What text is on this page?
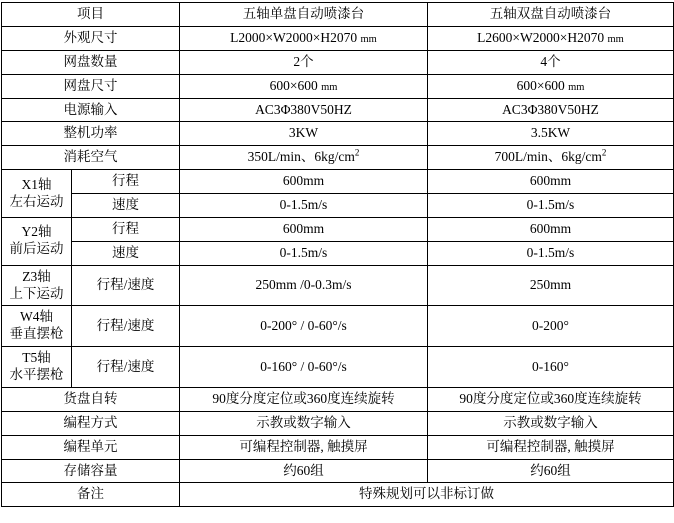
项目		五轴单盘自动喷漆台	五轴双盘自动喷漆台
外观尺寸		L2000×W2000×H2070 mm	L2600×W2000×H2070 mm
网盘数量		2个	4个
网盘尺寸		600×600 mm	600×600 mm
电源输入		AC3Φ380V50HZ	AC3Φ380V50HZ
整机功率		3KW	3.5KW
消耗空气		350L/min、$6kg/cm^2$	700L/min、$6kg/cm^2$

X1轴
左右运动	行程	600mm	600mm
	速度	0-1.5m/s	0-1.5m/s

Y2轴
前后运动	行程	600mm	600mm
	速度	0-1.5m/s	0-1.5m/s

Z3轴
上下运动	行程/速度	250mm /0-0.3m/s	250mm

W4轴
垂直摆枪	行程/速度	0-200° / 0-60°/s	0-200°

T5轴
水平摆枪	行程/速度	0-160° / 0-60°/s	0-160°
货盘自转		90度分度定位或360度连续旋转	90度分度定位或360度连续旋转
编程方式		示教或数字输入	示教或数字输入
编程单元		可编程控制器, 触摸屏	可编程控制器, 触摸屏
存储容量		约60组	约60组
备注		特殊规划可以非标订做	
